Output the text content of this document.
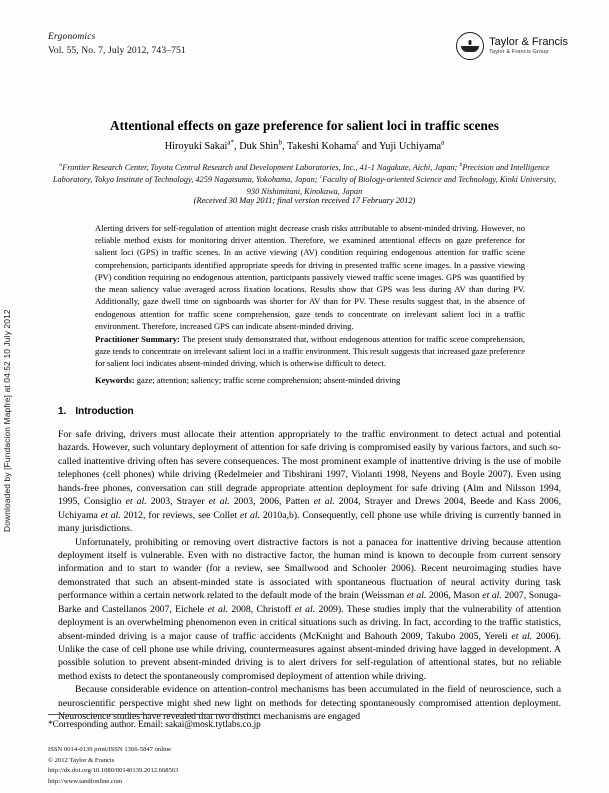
Downloaded by [Fundacion Mapfre] at 04:52 10 July 2012
Ergonomics
Vol. 55, No. 7, July 2012, 743–751
Taylor & Francis
Taylor & Francis Group
Attentional effects on gaze preference for salient loci in traffic scenes
Hiroyuki Sakai$^{a*}$, Duk Shin$^b$, Takeshi Kohama$^c$ and Yuji Uchiyama$^a$
$^a$Frontier Research Center, Toyota Central Research and Development Laboratories, Inc., 41-1 Nagakute, Aichi, Japan; $^b$Precision and Intelligence Laboratory, Tokyo Institute of Technology, 4259 Nagatsuma, Yokohama, Japan; $^c$Faculty of Biology-oriented Science and Technology, Kinki University, 930 Nishimitani, Kinokawa, Japan
(Received 30 May 2011; final version received 17 February 2012)
Alerting drivers for self-regulation of attention might decrease crash risks attributable to absent-minded driving. However, no reliable method exists for monitoring driver attention. Therefore, we examined attentional effects on gaze preference for salient loci (GPS) in traffic scenes. In an active viewing (AV) condition requiring endogenous attention for traffic scene comprehension, participants identified appropriate speeds for driving in presented traffic scene images. In a passive viewing (PV) condition requiring no endogenous attention, participants passively viewed traffic scene images. GPS was quantified by the mean saliency value averaged across fixation locations. Results show that GPS was less during AV than during PV. Additionally, gaze dwell time on signboards was shorter for AV than for PV. These results suggest that, in the absence of endogenous attention for traffic scene comprehension, gaze tends to concentrate on irrelevant salient loci in a traffic environment. Therefore, increased GPS can indicate absent-minded driving.
Practitioner Summary: The present study demonstrated that, without endogenous attention for traffic scene comprehension, gaze tends to concentrate on irrelevant salient loci in a traffic environment. This result suggests that increased gaze preference for salient loci indicates absent-minded driving, which is otherwise difficult to detect.
Keywords: gaze; attention; saliency; traffic scene comprehension; absent-minded driving
1. Introduction

For safe driving, drivers must allocate their attention appropriately to the traffic environment to detect actual and potential hazards. However, such voluntary deployment of attention for safe driving is compromised easily by various factors, and such so-called inattentive driving often has severe consequences. The most prominent example of inattentive driving is the use of mobile telephones (cell phones) while driving (Redelmeier and Tibshirani 1997, Violanti 1998, Neyens and Boyle 2007). Even using hands-free phones, conversation can still degrade appropriate attention deployment for safe driving (Alm and Nilsson 1994, 1995, Consiglio et al. 2003, Strayer et al. 2003, 2006, Patten et al. 2004, Strayer and Drews 2004, Beede and Kass 2006, Uchiyama et al. 2012, for reviews, see Collet et al. 2010a,b). Consequently, cell phone use while driving is currently banned in many jurisdictions.

Unfortunately, prohibiting or removing overt distractive factors is not a panacea for inattentive driving because attention deployment itself is vulnerable. Even with no distractive factor, the human mind is known to decouple from current sensory information and to start to wander (for a review, see Smallwood and Schooler 2006). Recent neuroimaging studies have demonstrated that such an absent-minded state is associated with spontaneous fluctuation of neural activity during task performance within a certain network related to the default mode of the brain (Weissman et al. 2006, Mason et al. 2007, Sonuga-Barke and Castellanos 2007, Eichele et al. 2008, Christoff et al. 2009). These studies imply that the vulnerability of attention deployment is an overwhelming phenomenon even in critical situations such as driving. In fact, according to the traffic statistics, absent-minded driving is a major cause of traffic accidents (McKnight and Bahouth 2009, Takubo 2005, Yereli et al. 2006). Unlike the case of cell phone use while driving, countermeasures against absent-minded driving have lagged in development. A possible solution to prevent absent-minded driving is to alert drivers for self-regulation of attentional states, but no reliable method exists to detect the spontaneously compromised deployment of attention while driving.

Because considerable evidence on attention-control mechanisms has been accumulated in the field of neuroscience, such a neuroscientific perspective might shed new light on methods for detecting spontaneously compromised attention deployment. Neuroscience studies have revealed that two distinct mechanisms are engaged

*Corresponding author. Email: sakai@mosk.tytlabs.co.jp
ISSN 0014-0139 print/ISSN 1366-5847 online
© 2012 Taylor & Francis
http://dx.doi.org/10.1080/00140139.2012.668563
http://www.tandfonline.com
